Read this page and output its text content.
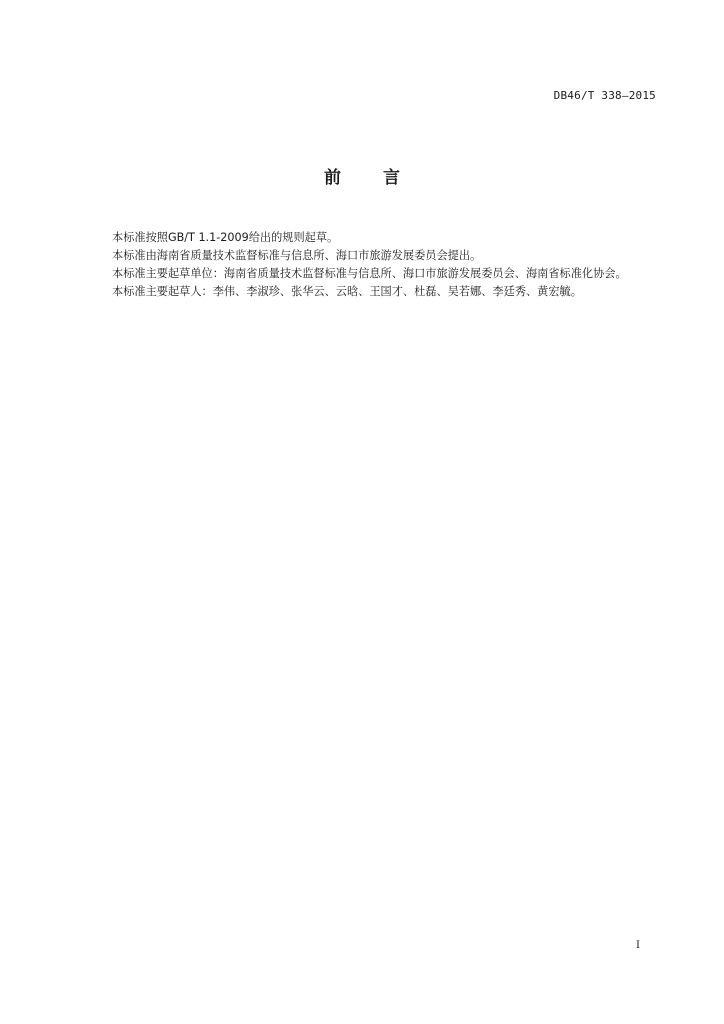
DB46/T 338—2015
前 言

本标准按照GB/T 1.1-2009给出的规则起草。

本标准由海南省质量技术监督标准与信息所、海口市旅游发展委员会提出。

本标准主要起草单位：海南省质量技术监督标准与信息所、海口市旅游发展委员会、海南省标准化协会。

本标准主要起草人：李伟、李淑珍、张华云、云晗、王国才、杜磊、吴若娜、李廷秀、黄宏毓。

I
